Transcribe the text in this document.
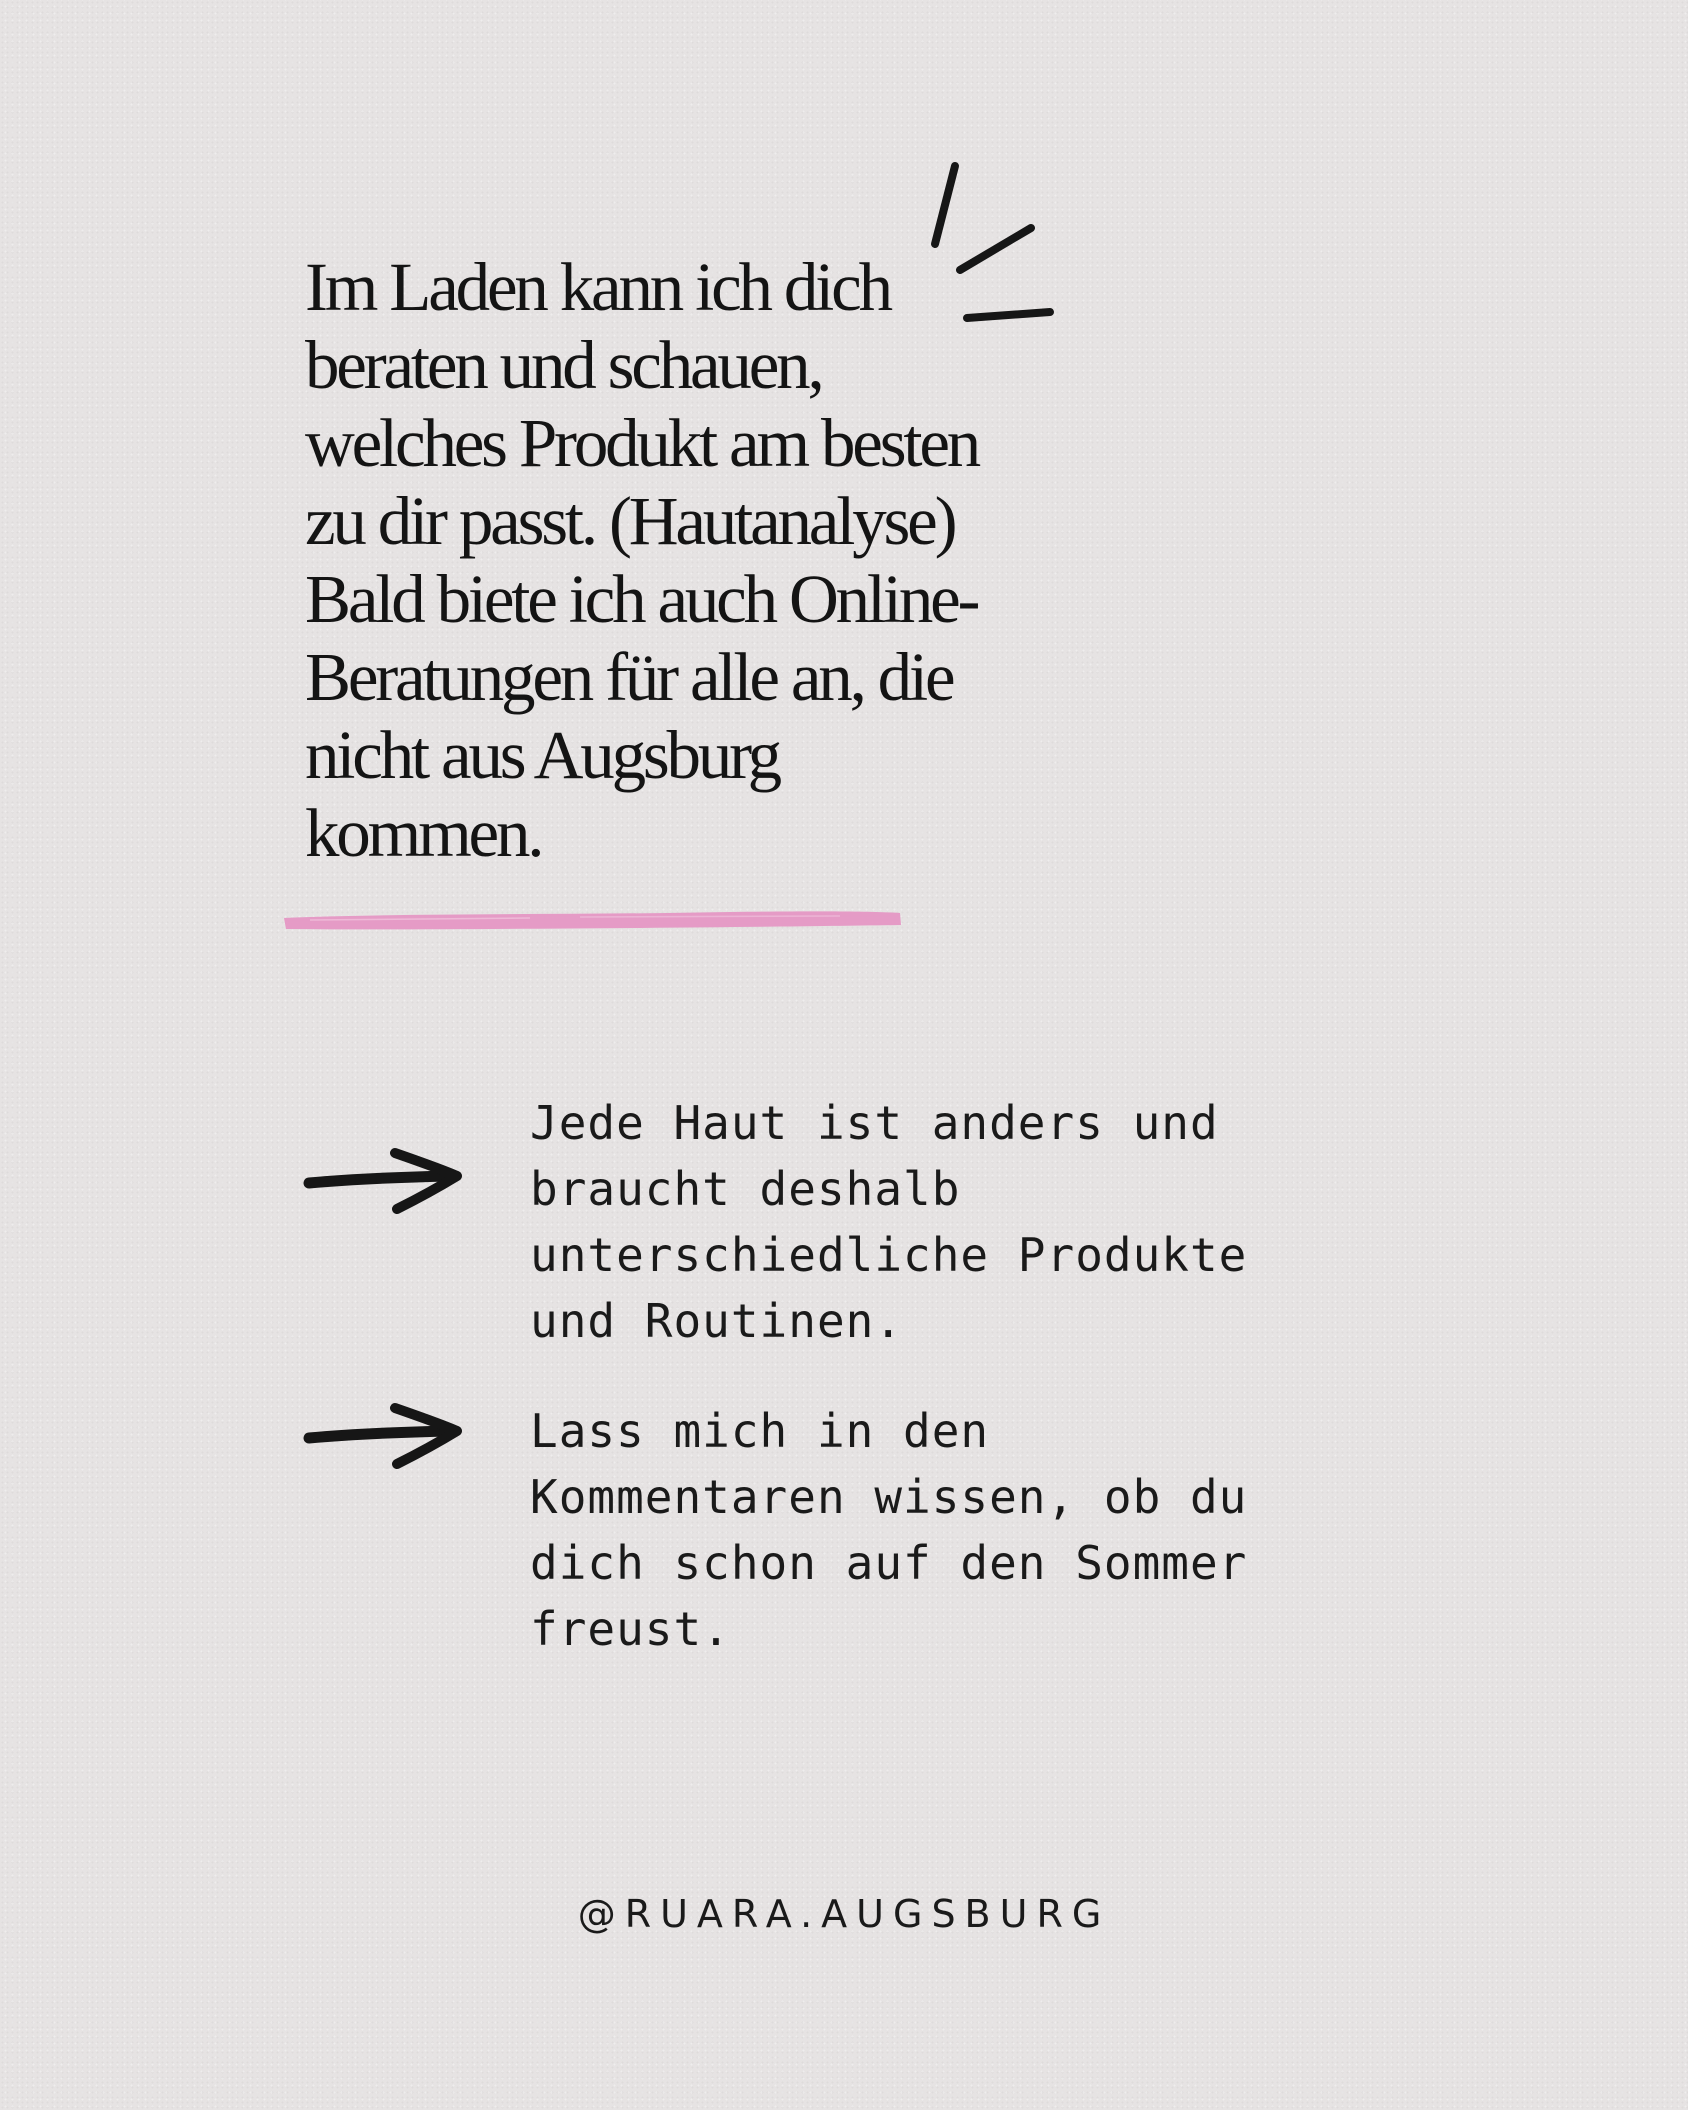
Im Laden kann ich dich
beraten und schauen,
welches Produkt am besten
zu dir passt. (Hautanalyse)
Bald biete ich auch Online-
Beratungen für alle an, die
nicht aus Augsburg
kommen.

Jede Haut ist anders und
braucht deshalb
unterschiedliche Produkte
und Routinen.

Lass mich in den
Kommentaren wissen, ob du
dich schon auf den Sommer
freust.

@RUARA.AUGSBURG
